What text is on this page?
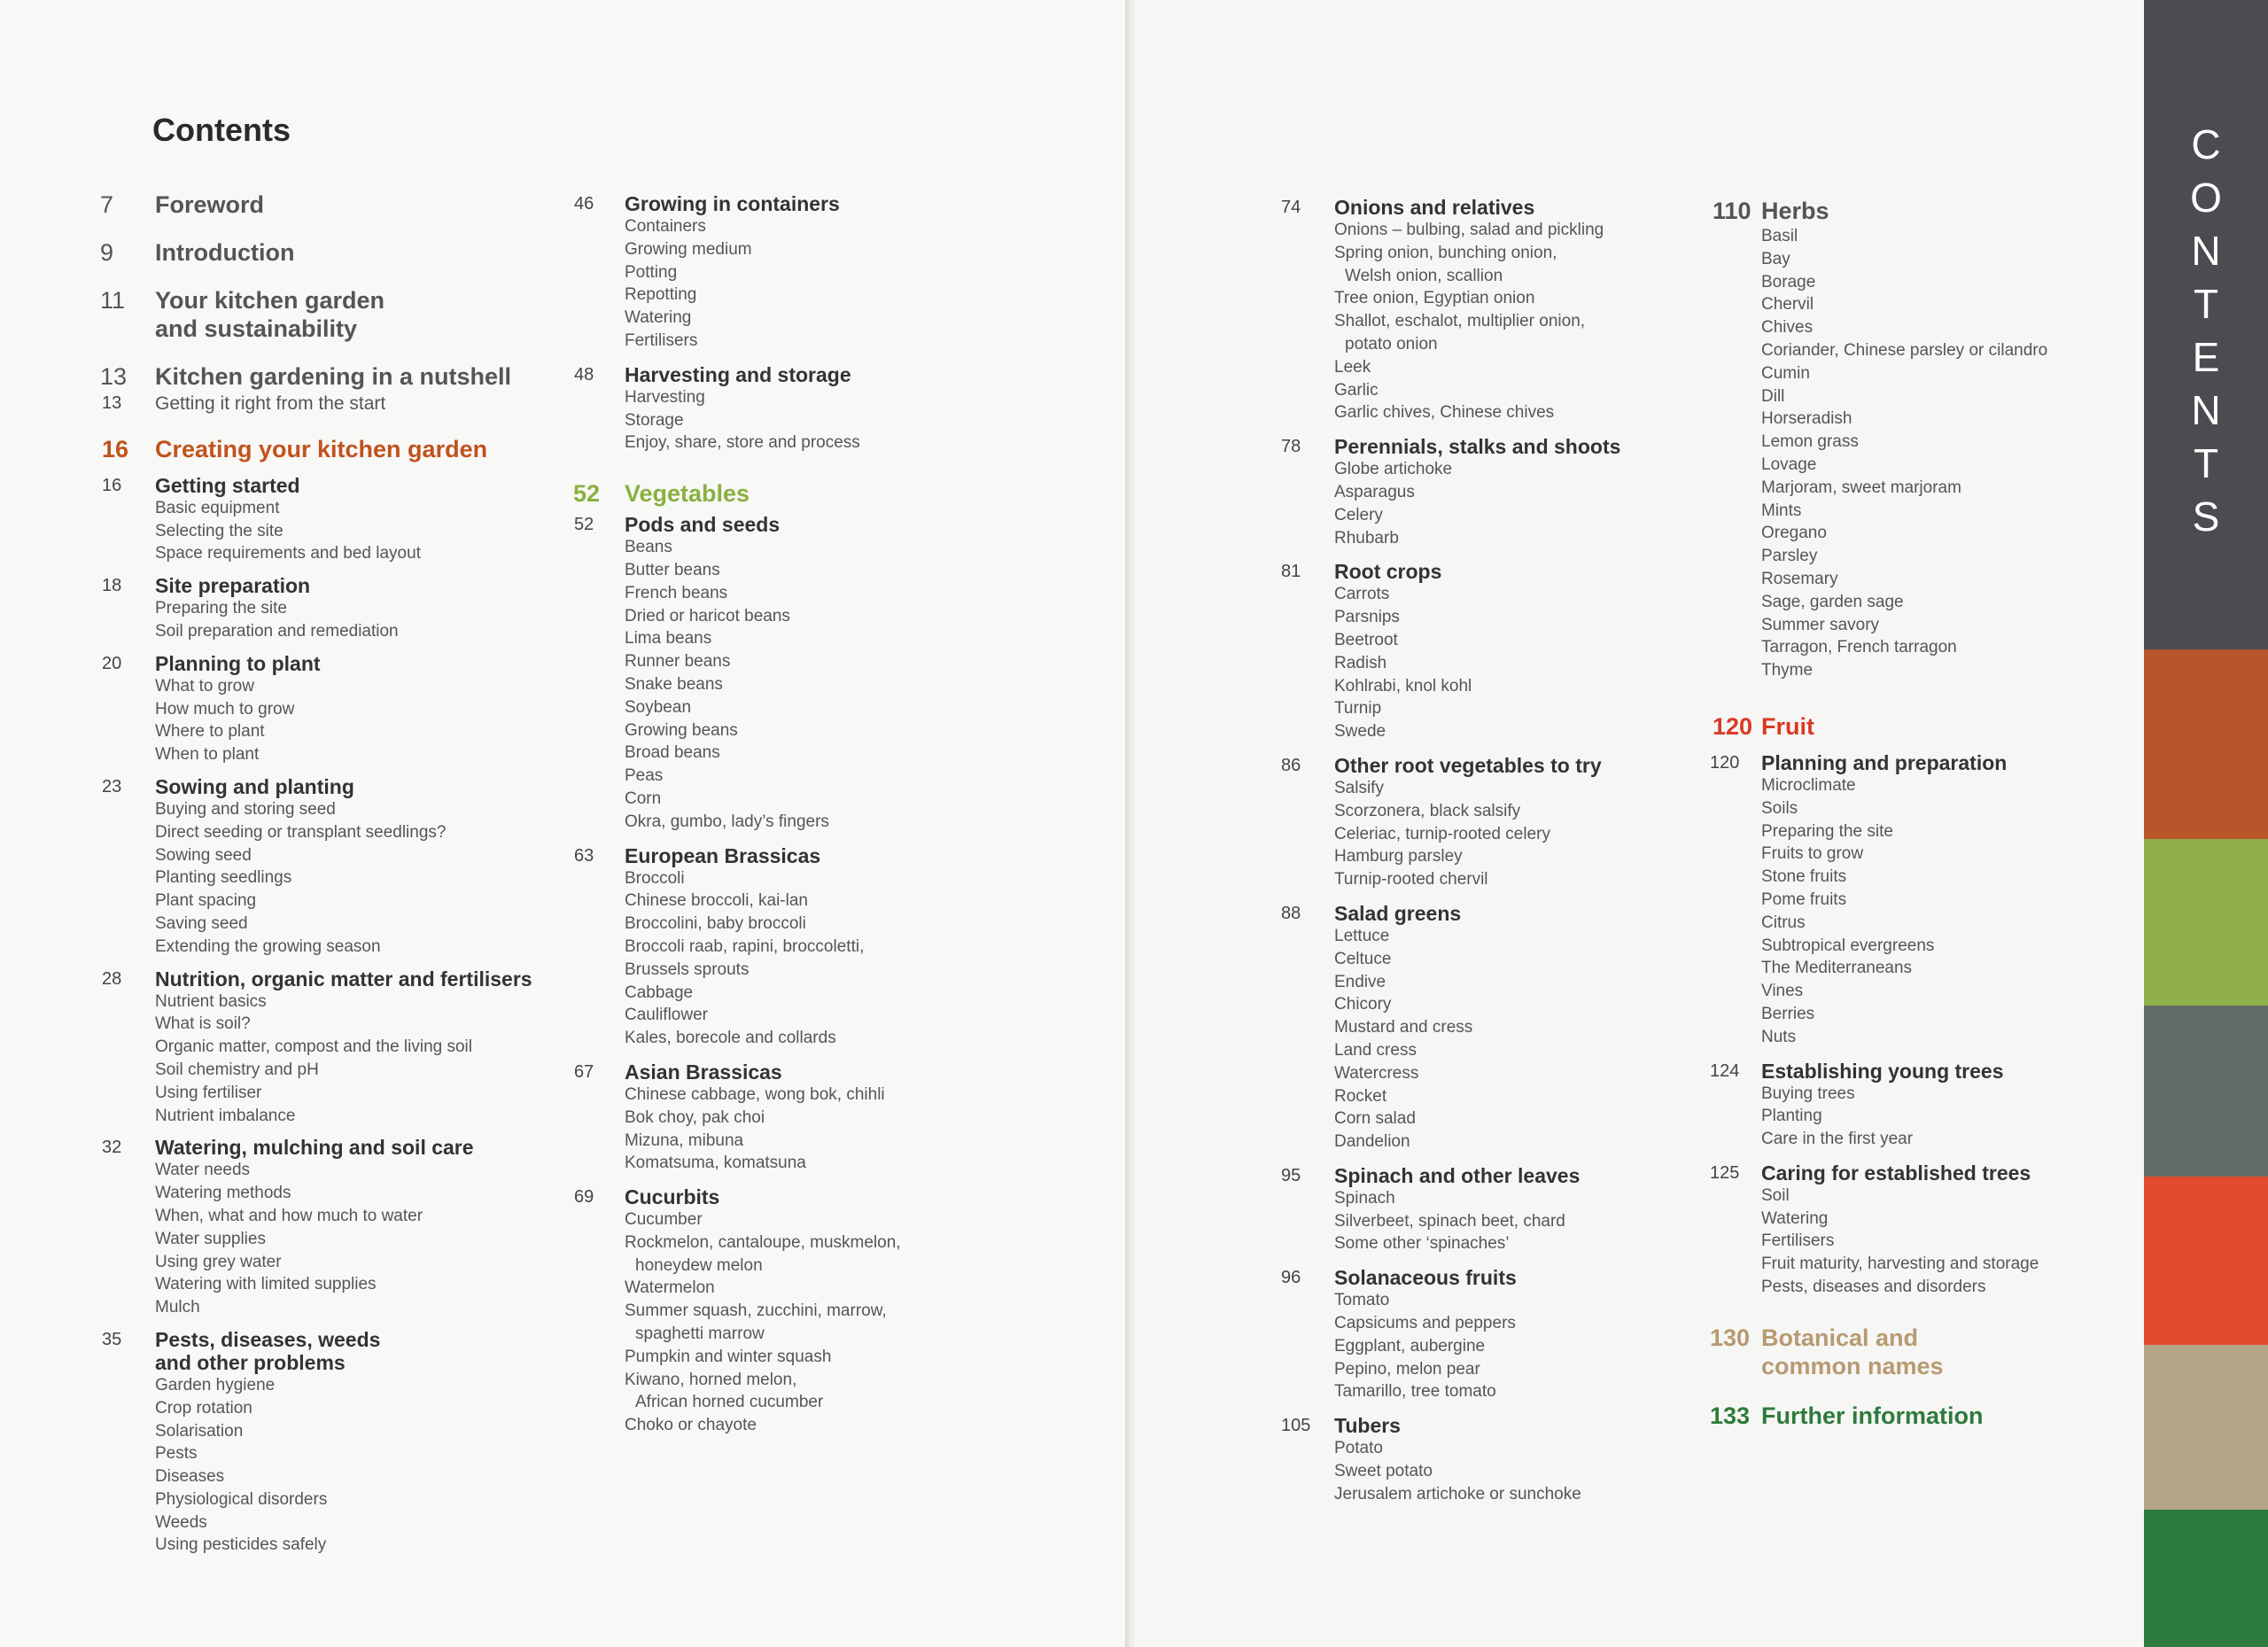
C
O
N
T
E
N
T
S
Contents
7	Foreword
9	Introduction
11	Your kitchen garden
and sustainability
13	Kitchen gardening in a nutshell
13	Getting it right from the start
16	Creating your kitchen garden
16	Getting started
Basic equipment
Selecting the site
Space requirements and bed layout
18	Site preparation
Preparing the site
Soil preparation and remediation
20	Planning to plant
What to grow
How much to grow
Where to plant
When to plant
23	Sowing and planting
Buying and storing seed
Direct seeding or transplant seedlings?
Sowing seed
Planting seedlings
Plant spacing
Saving seed
Extending the growing season
28	Nutrition, organic matter and fertilisers
Nutrient basics
What is soil?
Organic matter, compost and the living soil
Soil chemistry and pH
Using fertiliser
Nutrient imbalance
32	Watering, mulching and soil care
Water needs
Watering methods
When, what and how much to water
Water supplies
Using grey water
Watering with limited supplies
Mulch
35	Pests, diseases, weeds
and other problems
Garden hygiene
Crop rotation
Solarisation
Pests
Diseases
Physiological disorders
Weeds
Using pesticides safely
46	Growing in containers
Containers
Growing medium
Potting
Repotting
Watering
Fertilisers
48	Harvesting and storage
Harvesting
Storage
Enjoy, share, store and process
52	Vegetables
52	Pods and seeds
Beans
Butter beans
French beans
Dried or haricot beans
Lima beans
Runner beans
Snake beans
Soybean
Growing beans
Broad beans
Peas
Corn
Okra, gumbo, lady’s fingers
63	European Brassicas
Broccoli
Chinese broccoli, kai-lan
Broccolini, baby broccoli
Broccoli raab, rapini, broccoletti,
Brussels sprouts
Cabbage
Cauliflower
Kales, borecole and collards
67	Asian Brassicas
Chinese cabbage, wong bok, chihli
Bok choy, pak choi
Mizuna, mibuna
Komatsuma, komatsuna
69	Cucurbits
Cucumber
Rockmelon, cantaloupe, muskmelon,
honeydew melon
Watermelon
Summer squash, zucchini, marrow,
spaghetti marrow
Pumpkin and winter squash
Kiwano, horned melon,
African horned cucumber
Choko or chayote
74	Onions and relatives
Onions – bulbing, salad and pickling
Spring onion, bunching onion,
Welsh onion, scallion
Tree onion, Egyptian onion
Shallot, eschalot, multiplier onion,
potato onion
Leek
Garlic
Garlic chives, Chinese chives
78	Perennials, stalks and shoots
Globe artichoke
Asparagus
Celery
Rhubarb
81	Root crops
Carrots
Parsnips
Beetroot
Radish
Kohlrabi, knol kohl
Turnip
Swede
86	Other root vegetables to try
Salsify
Scorzonera, black salsify
Celeriac, turnip-rooted celery
Hamburg parsley
Turnip-rooted chervil
88	Salad greens
Lettuce
Celtuce
Endive
Chicory
Mustard and cress
Land cress
Watercress
Rocket
Corn salad
Dandelion
95	Spinach and other leaves
Spinach
Silverbeet, spinach beet, chard
Some other ‘spinaches’
96	Solanaceous fruits
Tomato
Capsicums and peppers
Eggplant, aubergine
Pepino, melon pear
Tamarillo, tree tomato
105	Tubers
Potato
Sweet potato
Jerusalem artichoke or sunchoke
110 Herbs
Basil
Bay
Borage
Chervil
Chives
Coriander, Chinese parsley or cilandro
Cumin
Dill
Horseradish
Lemon grass
Lovage
Marjoram, sweet marjoram
Mints
Oregano
Parsley
Rosemary
Sage, garden sage
Summer savory
Tarragon, French tarragon
Thyme
120 Fruit
120	Planning and preparation
Microclimate
Soils
Preparing the site
Fruits to grow
Stone fruits
Pome fruits
Citrus
Subtropical evergreens
The Mediterraneans
Vines
Berries
Nuts
124	Establishing young trees
Buying trees
Planting
Care in the first year
125	Caring for established trees
Soil
Watering
Fertilisers
Fruit maturity, harvesting and storage
Pests, diseases and disorders
130 Botanical and
common names
133 Further information
